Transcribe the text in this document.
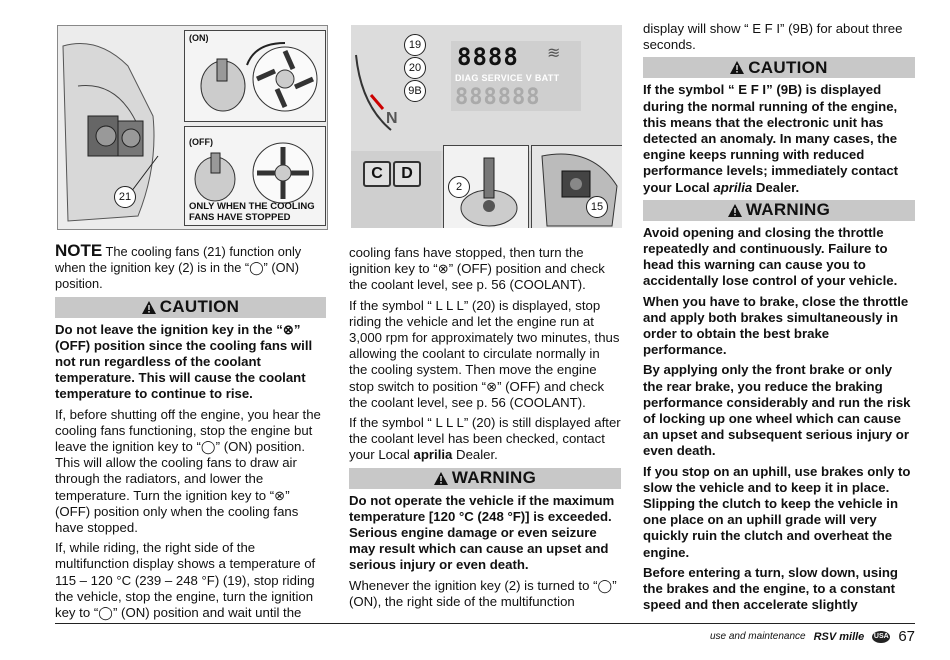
21
(ON)
(OFF)
ONLY WHEN THE COOLING
FANS HAVE STOPPED
N
8888 ≋
DIAG SERVICE V BATT
888888
19
20
9B
C	D
2
15

NOTE The cooling fans (21) function only when the ignition key (2) is in the “◯” (ON) position.

CAUTION

Do not leave the ignition key in the “⊗” (OFF) position since the cooling fans will not run regardless of the coolant temperature. This will cause the coolant temperature to continue to rise.

If, before shutting off the engine, you hear the cooling fans functioning, stop the engine but leave the ignition key to “◯” (ON) position. This will allow the cooling fans to draw air through the radiators, and lower the temperature. Turn the ignition key to “⊗” (OFF) position only when the cooling fans have stopped.

If, while riding, the right side of the multifunction display shows a temperature of 115 – 120 °C (239 – 248 °F) (19), stop riding the vehicle, stop the engine, turn the ignition key to “◯” (ON) position and wait until the

cooling fans have stopped, then turn the ignition key to “⊗” (OFF) position and check the coolant level, see p. 56 (COOLANT).

If the symbol “ L L L” (20) is displayed, stop riding the vehicle and let the engine run at 3,000 rpm for approximately two minutes, thus allowing the coolant to circulate normally in the cooling system. Then move the engine stop switch to position “⊗” (OFF) and check the coolant level, see p. 56 (COOLANT).

If the symbol “ L L L” (20) is still displayed after the coolant level has been checked, contact your Local aprilia Dealer.

WARNING

Do not operate the vehicle if the maximum temperature [120 °C (248 °F)] is exceeded. Serious engine damage or even seizure may result which can cause an upset and serious injury or even death.

Whenever the ignition key (2) is turned to “◯” (ON), the right side of the multifunction

display will show “ E F I” (9B) for about three seconds.

CAUTION

If the symbol “ E F I” (9B) is displayed during the normal running of the engine, this means that the electronic unit has detected an anomaly. In many cases, the engine keeps running with reduced performance levels; immediately contact your Local aprilia Dealer.

WARNING

Avoid opening and closing the throttle repeatedly and continuously. Failure to head this warning can cause you to accidentally lose control of your vehicle.

When you have to brake, close the throttle and apply both brakes simultaneously in order to obtain the best brake performance.

By applying only the front brake or only the rear brake, you reduce the braking performance considerably and run the risk of locking up one wheel which can cause an upset and subsequent serious injury or even death.

If you stop on an uphill, use brakes only to slow the vehicle and to keep it in place. Slipping the clutch to keep the vehicle in one place on an uphill grade will very quickly ruin the clutch and overheat the engine.

Before entering a turn, slow down, using the brakes and the engine, to a constant speed and then accelerate slightly

use and maintenance RSV mille USA 67
